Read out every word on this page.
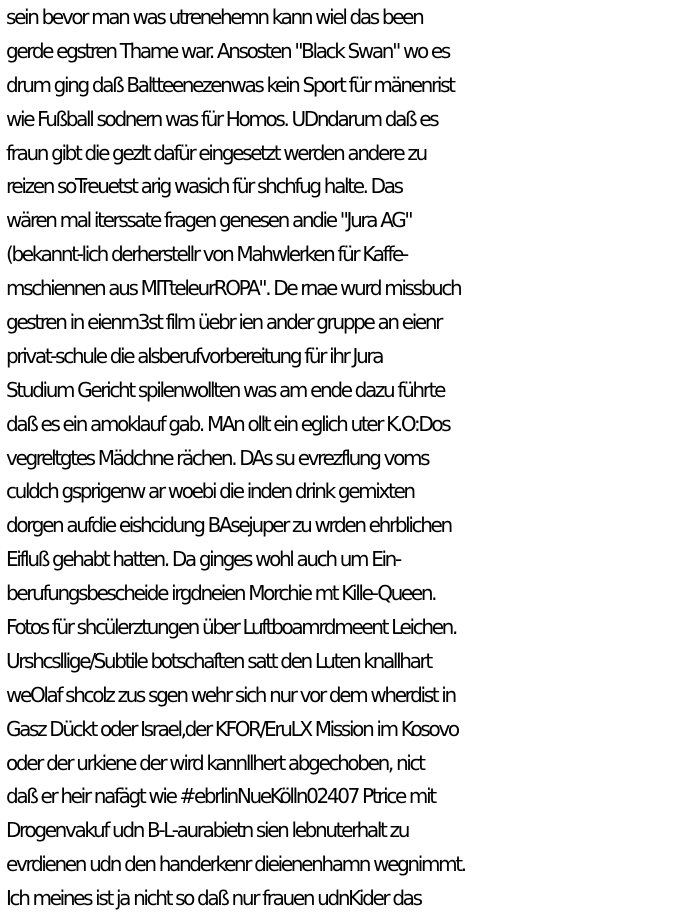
sein bevor man was utrenehemn kann wiel das been
gerde egstren Thame war. Ansosten "Black Swan" wo es
drum ging daß Baltteenezenwas kein Sport für mänenrist
wie Fußball sodnern was für Homos. UDndarum daß es
fraun gibt die gezlt dafür eingesetzt werden andere zu
reizen soTreuetst arig wasich für shchfug halte. Das
wären mal iterssate fragen genesen andie "Jura AG"
(bekannt-lich derherstellr von Mahwlerken für Kaffe-
mschiennen aus MITteleurROPA". De rnae wurd missbuch
gestren in eienm3st film üebr ien ander gruppe an eienr
privat-schule die alsberufvorbereitung für ihr Jura
Studium Gericht spilenwollten was am ende dazu führte
daß es ein amoklauf gab. MAn ollt ein eglich uter K.O:Dos
vegreltgtes Mädchne rächen. DAs su evrezflung voms
culdch gsprigenw ar woebi die inden drink gemixten
dorgen aufdie eishcidung BAsejuper zu wrden ehrblichen
Eifluß gehabt hatten. Da ginges wohl auch um Ein-
berufungsbescheide irgdneien Morchie mt Kille-Queen.
Fotos für shcülerztungen über Luftboamrdmeent Leichen.
Urshcsllige/Subtile botschaften satt den Luten knallhart
weOlaf shcolz zus sgen wehr sich nur vor dem wherdist in
Gasz Dückt oder Israel,der KFOR/EruLX Mission im Kosovo
oder der urkiene der wird kannllhert abgechoben, nict
daß er heir nafägt wie #ebrlinNueKölln02407 Ptrice mit
Drogenvakuf udn B-L-aurabietn sien lebnuterhalt zu
evrdienen udn den handerkenr dieienenhamn wegnimmt.
Ich meines ist ja nicht so daß nur frauen udnKider das
